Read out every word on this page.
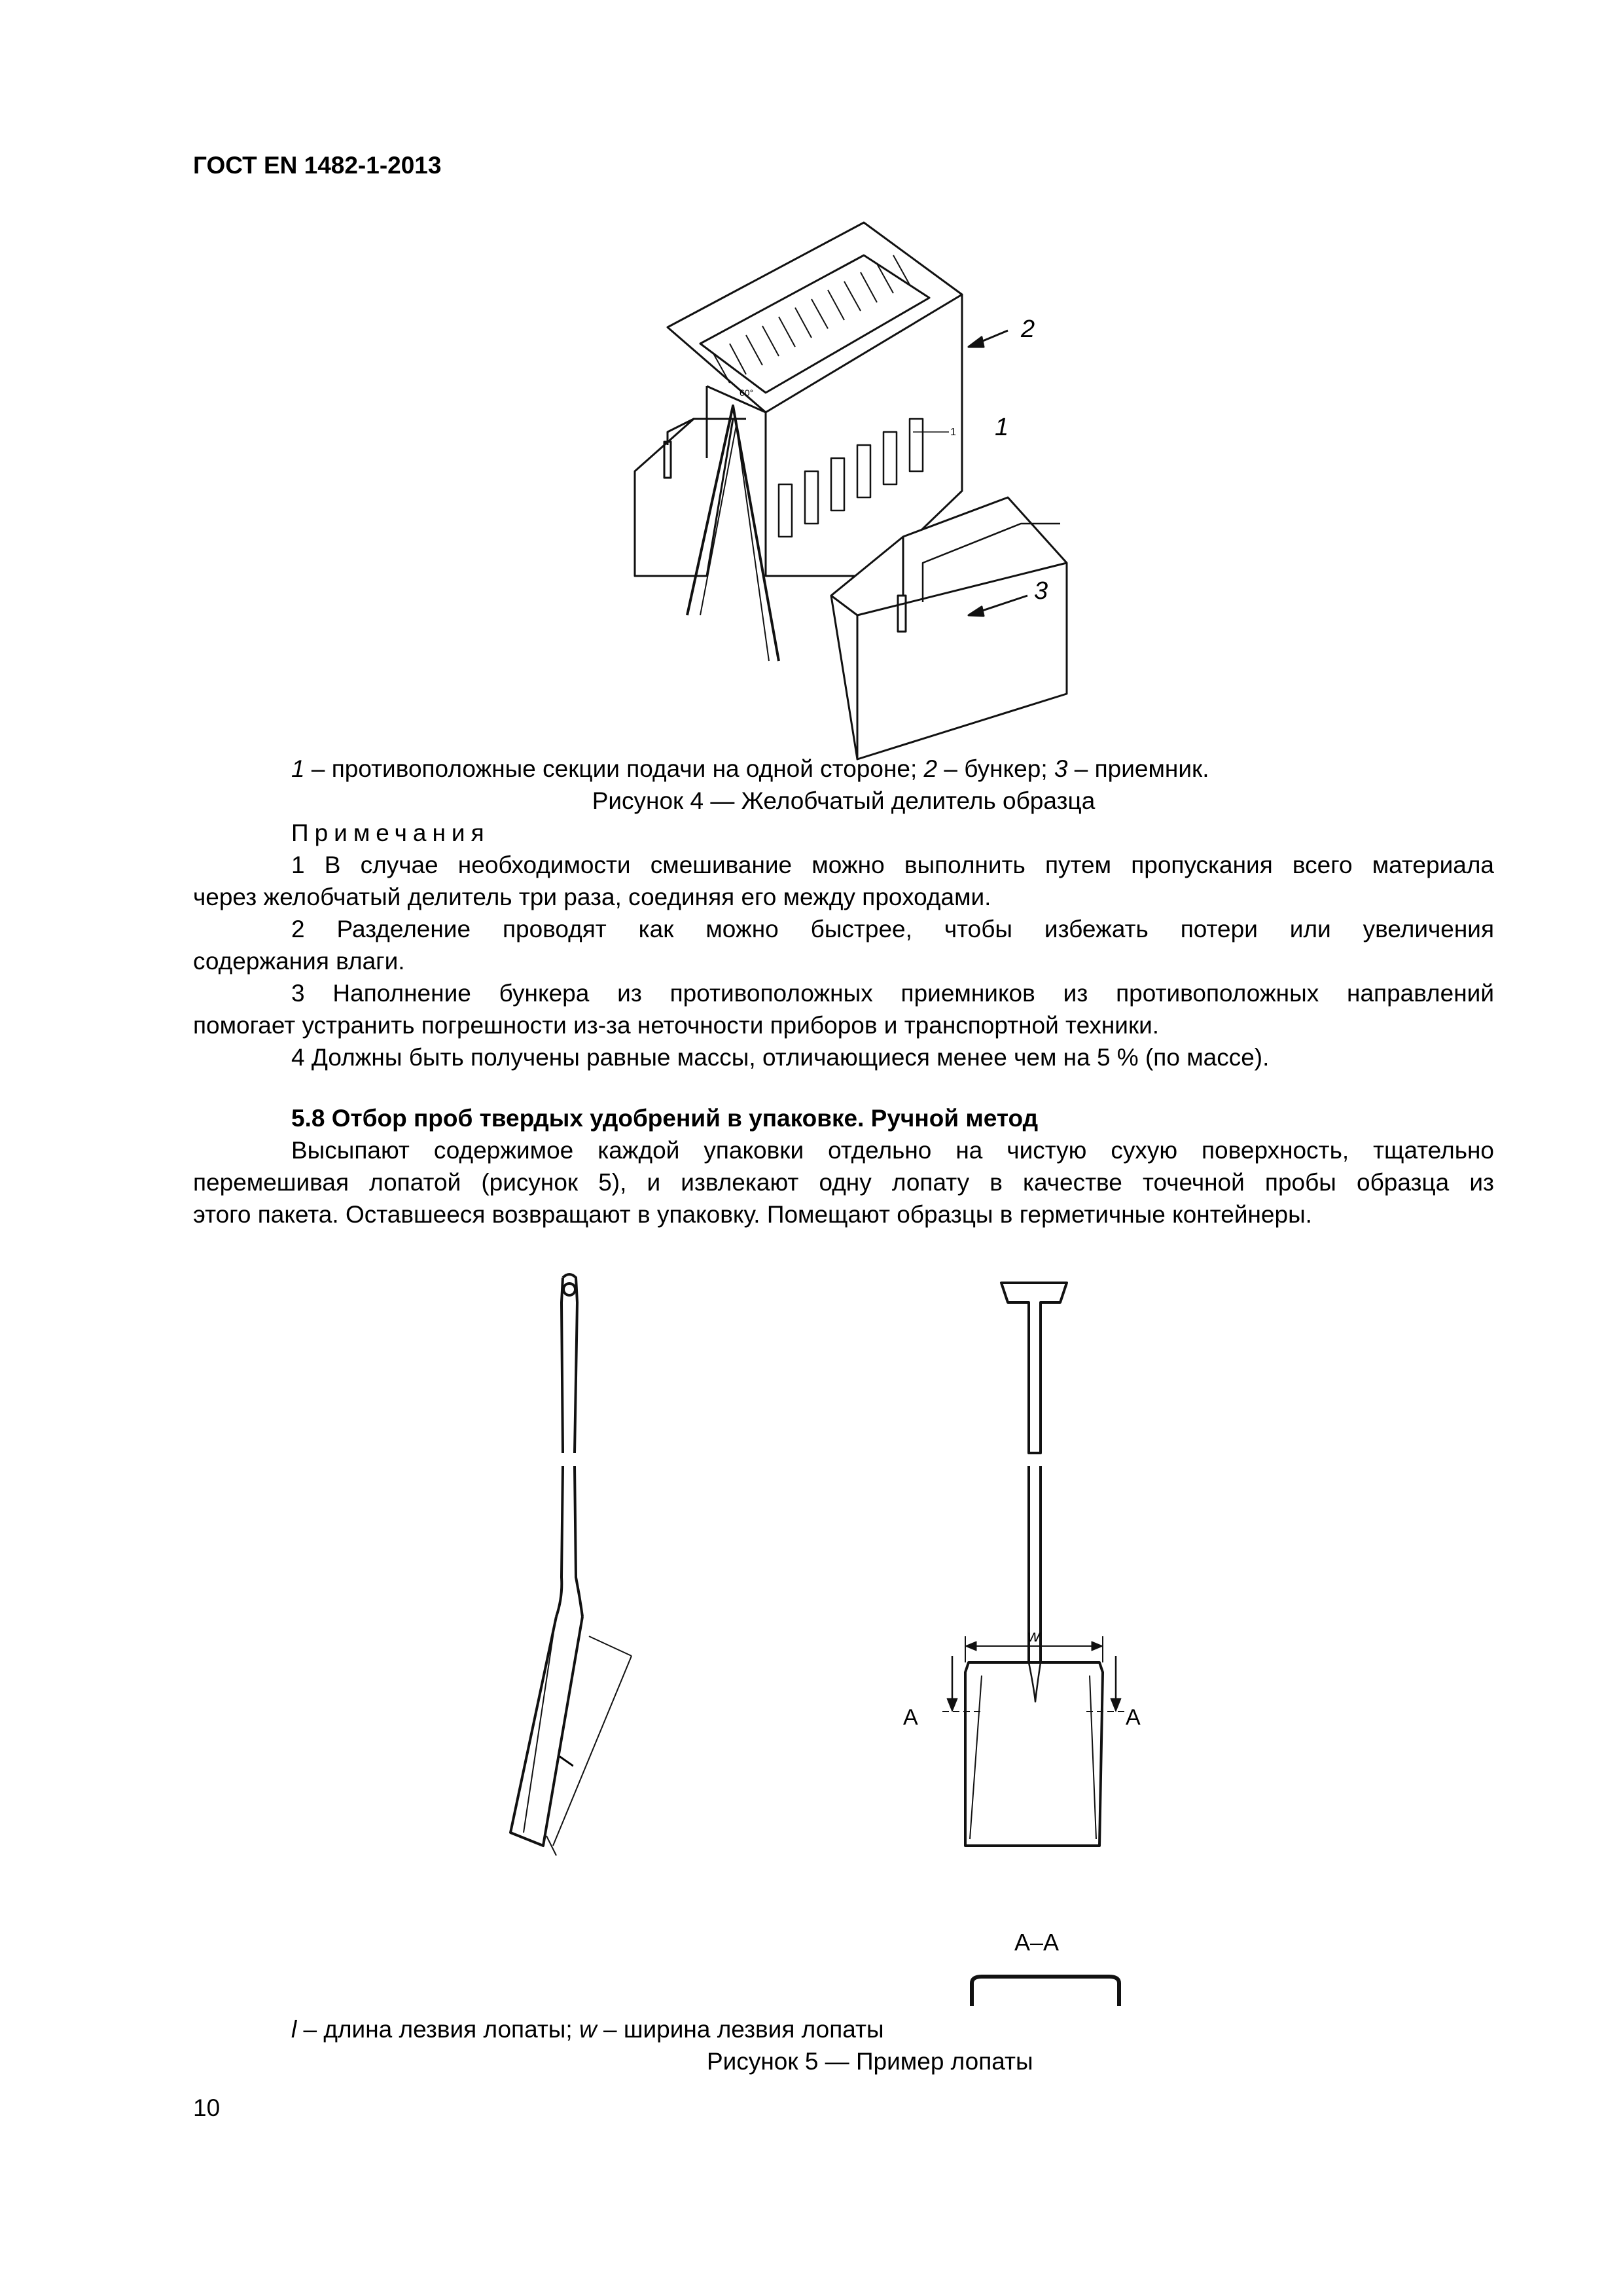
ГОСТ EN 1482-1-2013
2
1
3
1
60°
1 – противоположные секции подачи на одной стороне; 2 – бункер; 3 – приемник.
Рисунок 4 — Желобчатый делитель образца
Примечания
1 В случае необходимости смешивание можно выполнить путем пропускания всего материала
через желобчатый делитель три раза, соединяя его между проходами.
2 Разделение проводят как можно быстрее, чтобы избежать потери или увеличения
содержания влаги.
3 Наполнение бункера из противоположных приемников из противоположных направлений
помогает устранить погрешности из-за неточности приборов и транспортной техники.
4 Должны быть получены равные массы, отличающиеся менее чем на 5 % (по массе).
5.8 Отбор проб твердых удобрений в упаковке. Ручной метод
Высыпают содержимое каждой упаковки отдельно на чистую сухую поверхность, тщательно
перемешивая лопатой (рисунок 5), и извлекают одну лопату в качестве точечной пробы образца из
этого пакета. Оставшееся возвращают в упаковку. Помещают образцы в герметичные контейнеры.
l
w
A	A
A–A
l – длина лезвия лопаты; w – ширина лезвия лопаты
Рисунок 5 — Пример лопаты
10
